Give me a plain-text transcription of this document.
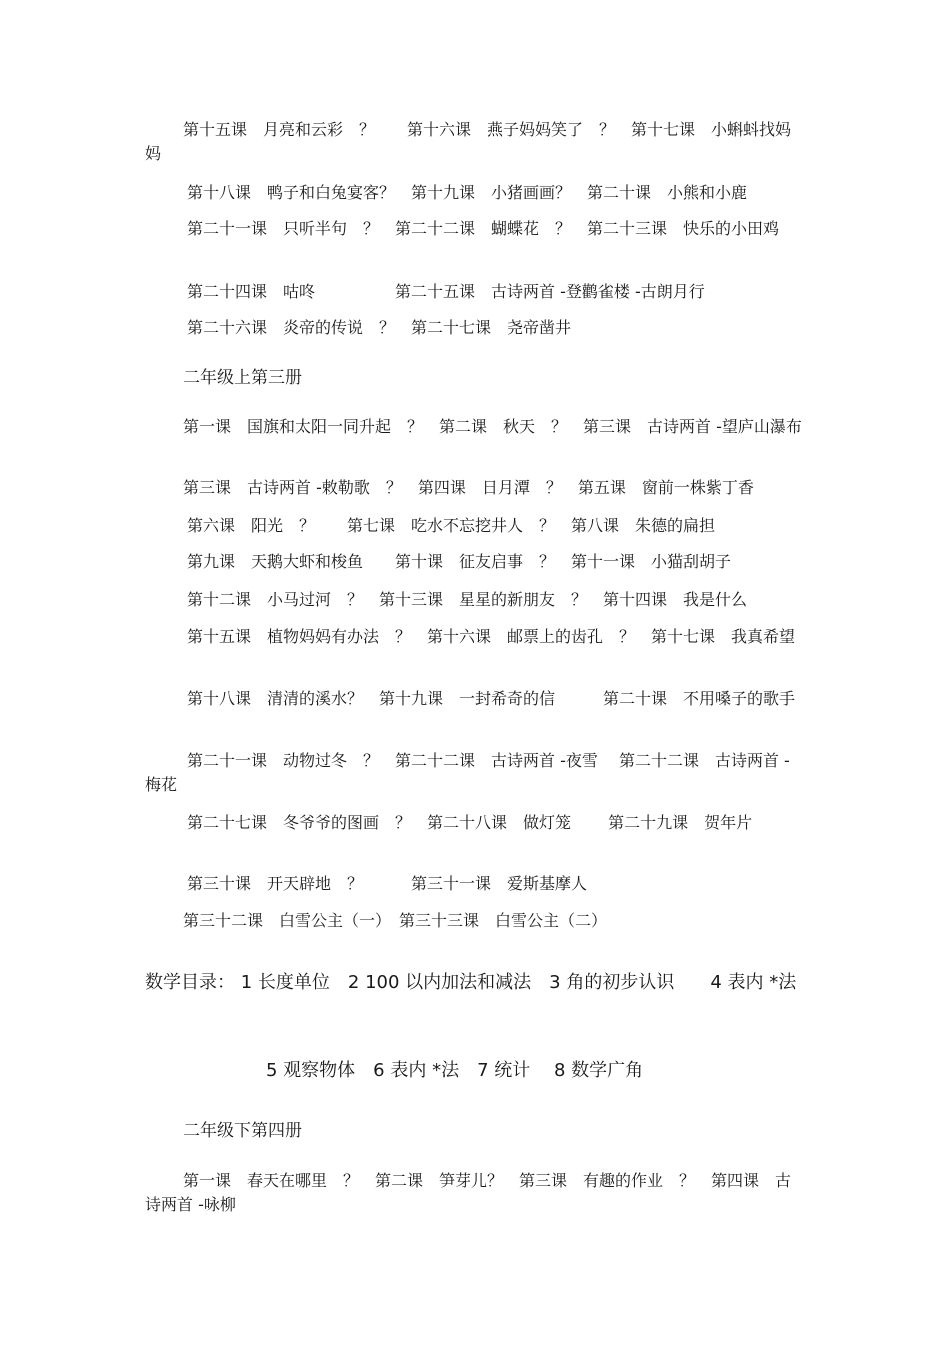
第十五课　月亮和云彩　？　　第十六课　燕子妈妈笑了　？　第十七课　小蝌蚪找妈妈

第十八课　鸭子和白兔宴客？　第十九课　小猪画画？　第二十课　小熊和小鹿

第二十一课　只听半句　？　第二十二课　蝴蝶花　？　第二十三课　快乐的小田鸡

第二十四课　咕咚　　　　　第二十五课　古诗两首 -登鹳雀楼 -古朗月行

第二十六课　炎帝的传说　？　第二十七课　尧帝凿井

二年级上第三册

第一课　国旗和太阳一同升起　？　第二课　秋天　？　第三课　古诗两首 -望庐山瀑布

第三课　古诗两首 -敕勒歌　？　第四课　日月潭　？　第五课　窗前一株紫丁香

第六课　阳光　？　　第七课　吃水不忘挖井人　？　第八课　朱德的扁担

第九课　天鹅大虾和梭鱼　　第十课　征友启事　？　第十一课　小猫刮胡子

第十二课　小马过河　？　第十三课　星星的新朋友　？　第十四课　我是什么

第十五课　植物妈妈有办法　？　第十六课　邮票上的齿孔　？　第十七课　我真希望

第十八课　清清的溪水？　第十九课　一封希奇的信　　　第二十课　不用嗓子的歌手

第二十一课　动物过冬　？　第二十二课　古诗两首 -夜雪　 第二十二课　古诗两首 -梅花

第二十七课　冬爷爷的图画　？　第二十八课　做灯笼　　 第二十九课　贺年片

第三十课　开天辟地　？　　　第三十一课　爱斯基摩人

第三十二课　白雪公主（一）　第三十三课　白雪公主（二）

数学目录： 1 长度单位　2 100 以内加法和减法　3 角的初步认识　　4 表内 *法

5 观察物体　6 表内 *法　7 统计　 8 数学广角

二年级下第四册

第一课　春天在哪里　？　第二课　笋芽儿？　第三课　有趣的作业　？　第四课　古诗两首 -咏柳
